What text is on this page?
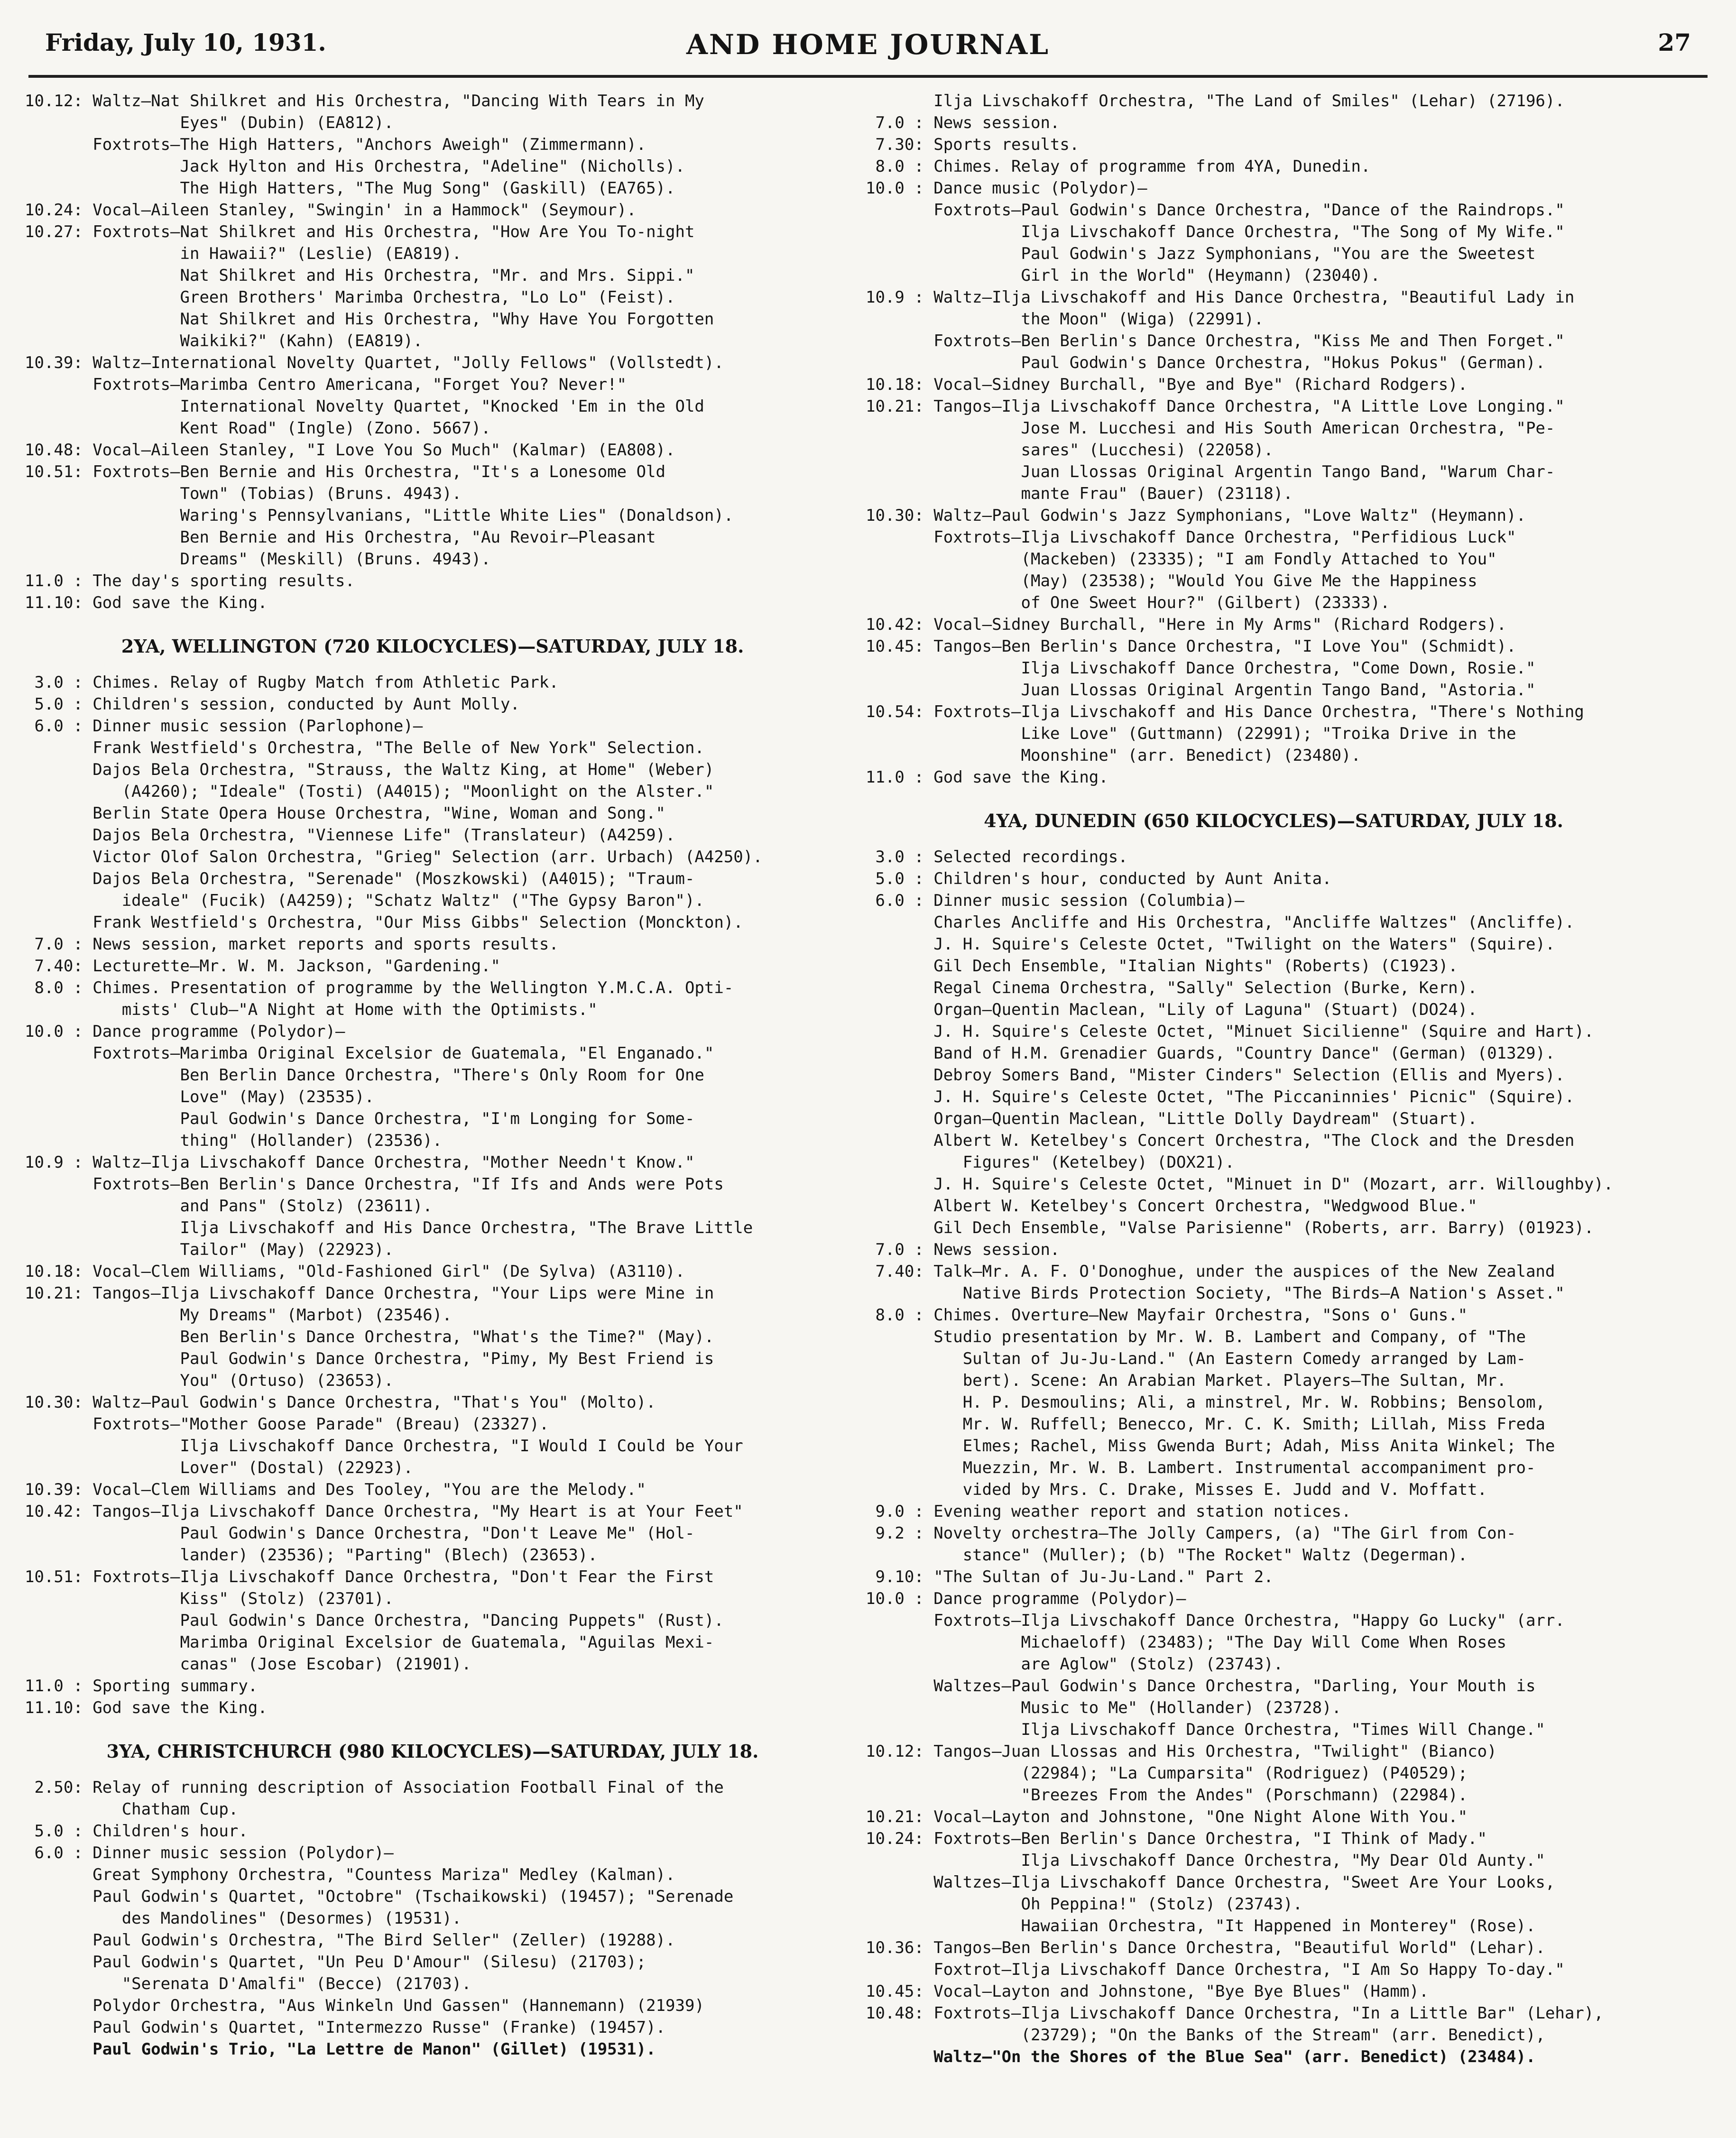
Friday, July 10, 1931.	AND HOME JOURNAL	27
10.12: Waltz—Nat Shilkret and His Orchestra, "Dancing With Tears in My
Eyes" (Dubin) (EA812).
Foxtrots—The High Hatters, "Anchors Aweigh" (Zimmermann).
Jack Hylton and His Orchestra, "Adeline" (Nicholls).
The High Hatters, "The Mug Song" (Gaskill) (EA765).
10.24: Vocal—Aileen Stanley, "Swingin' in a Hammock" (Seymour).
10.27: Foxtrots—Nat Shilkret and His Orchestra, "How Are You To-night
in Hawaii?" (Leslie) (EA819).
Nat Shilkret and His Orchestra, "Mr. and Mrs. Sippi."
Green Brothers' Marimba Orchestra, "Lo Lo" (Feist).
Nat Shilkret and His Orchestra, "Why Have You Forgotten
Waikiki?" (Kahn) (EA819).
10.39: Waltz—International Novelty Quartet, "Jolly Fellows" (Vollstedt).
Foxtrots—Marimba Centro Americana, "Forget You? Never!"
International Novelty Quartet, "Knocked 'Em in the Old
Kent Road" (Ingle) (Zono. 5667).
10.48: Vocal—Aileen Stanley, "I Love You So Much" (Kalmar) (EA808).
10.51: Foxtrots—Ben Bernie and His Orchestra, "It's a Lonesome Old
Town" (Tobias) (Bruns. 4943).
Waring's Pennsylvanians, "Little White Lies" (Donaldson).
Ben Bernie and His Orchestra, "Au Revoir—Pleasant
Dreams" (Meskill) (Bruns. 4943).
11.0 : The day's sporting results.
11.10: God save the King.
2YA, WELLINGTON (720 KILOCYCLES)—SATURDAY, JULY 18.
3.0 : Chimes. Relay of Rugby Match from Athletic Park.
5.0 : Children's session, conducted by Aunt Molly.
6.0 : Dinner music session (Parlophone)—
Frank Westfield's Orchestra, "The Belle of New York" Selection.
Dajos Bela Orchestra, "Strauss, the Waltz King, at Home" (Weber)
(A4260); "Ideale" (Tosti) (A4015); "Moonlight on the Alster."
Berlin State Opera House Orchestra, "Wine, Woman and Song."
Dajos Bela Orchestra, "Viennese Life" (Translateur) (A4259).
Victor Olof Salon Orchestra, "Grieg" Selection (arr. Urbach) (A4250).
Dajos Bela Orchestra, "Serenade" (Moszkowski) (A4015); "Traum-
ideale" (Fucik) (A4259); "Schatz Waltz" ("The Gypsy Baron").
Frank Westfield's Orchestra, "Our Miss Gibbs" Selection (Monckton).
7.0 : News session, market reports and sports results.
7.40: Lecturette—Mr. W. M. Jackson, "Gardening."
8.0 : Chimes. Presentation of programme by the Wellington Y.M.C.A. Opti-
mists' Club—"A Night at Home with the Optimists."
10.0 : Dance programme (Polydor)—
Foxtrots—Marimba Original Excelsior de Guatemala, "El Enganado."
Ben Berlin Dance Orchestra, "There's Only Room for One
Love" (May) (23535).
Paul Godwin's Dance Orchestra, "I'm Longing for Some-
thing" (Hollander) (23536).
10.9 : Waltz—Ilja Livschakoff Dance Orchestra, "Mother Needn't Know."
Foxtrots—Ben Berlin's Dance Orchestra, "If Ifs and Ands were Pots
and Pans" (Stolz) (23611).
Ilja Livschakoff and His Dance Orchestra, "The Brave Little
Tailor" (May) (22923).
10.18: Vocal—Clem Williams, "Old-Fashioned Girl" (De Sylva) (A3110).
10.21: Tangos—Ilja Livschakoff Dance Orchestra, "Your Lips were Mine in
My Dreams" (Marbot) (23546).
Ben Berlin's Dance Orchestra, "What's the Time?" (May).
Paul Godwin's Dance Orchestra, "Pimy, My Best Friend is
You" (Ortuso) (23653).
10.30: Waltz—Paul Godwin's Dance Orchestra, "That's You" (Molto).
Foxtrots—"Mother Goose Parade" (Breau) (23327).
Ilja Livschakoff Dance Orchestra, "I Would I Could be Your
Lover" (Dostal) (22923).
10.39: Vocal—Clem Williams and Des Tooley, "You are the Melody."
10.42: Tangos—Ilja Livschakoff Dance Orchestra, "My Heart is at Your Feet"
Paul Godwin's Dance Orchestra, "Don't Leave Me" (Hol-
lander) (23536); "Parting" (Blech) (23653).
10.51: Foxtrots—Ilja Livschakoff Dance Orchestra, "Don't Fear the First
Kiss" (Stolz) (23701).
Paul Godwin's Dance Orchestra, "Dancing Puppets" (Rust).
Marimba Original Excelsior de Guatemala, "Aguilas Mexi-
canas" (Jose Escobar) (21901).
11.0 : Sporting summary.
11.10: God save the King.
3YA, CHRISTCHURCH (980 KILOCYCLES)—SATURDAY, JULY 18.
2.50: Relay of running description of Association Football Final of the
Chatham Cup.
5.0 : Children's hour.
6.0 : Dinner music session (Polydor)—
Great Symphony Orchestra, "Countess Mariza" Medley (Kalman).
Paul Godwin's Quartet, "Octobre" (Tschaikowski) (19457); "Serenade
des Mandolines" (Desormes) (19531).
Paul Godwin's Orchestra, "The Bird Seller" (Zeller) (19288).
Paul Godwin's Quartet, "Un Peu D'Amour" (Silesu) (21703);
"Serenata D'Amalfi" (Becce) (21703).
Polydor Orchestra, "Aus Winkeln Und Gassen" (Hannemann) (21939)
Paul Godwin's Quartet, "Intermezzo Russe" (Franke) (19457).
Paul Godwin's Trio, "La Lettre de Manon" (Gillet) (19531).
Ilja Livschakoff Orchestra, "The Land of Smiles" (Lehar) (27196).
7.0 : News session.
7.30: Sports results.
8.0 : Chimes. Relay of programme from 4YA, Dunedin.
10.0 : Dance music (Polydor)—
Foxtrots—Paul Godwin's Dance Orchestra, "Dance of the Raindrops."
Ilja Livschakoff Dance Orchestra, "The Song of My Wife."
Paul Godwin's Jazz Symphonians, "You are the Sweetest
Girl in the World" (Heymann) (23040).
10.9 : Waltz—Ilja Livschakoff and His Dance Orchestra, "Beautiful Lady in
the Moon" (Wiga) (22991).
Foxtrots—Ben Berlin's Dance Orchestra, "Kiss Me and Then Forget."
Paul Godwin's Dance Orchestra, "Hokus Pokus" (German).
10.18: Vocal—Sidney Burchall, "Bye and Bye" (Richard Rodgers).
10.21: Tangos—Ilja Livschakoff Dance Orchestra, "A Little Love Longing."
Jose M. Lucchesi and His South American Orchestra, "Pe-
sares" (Lucchesi) (22058).
Juan Llossas Original Argentin Tango Band, "Warum Char-
mante Frau" (Bauer) (23118).
10.30: Waltz—Paul Godwin's Jazz Symphonians, "Love Waltz" (Heymann).
Foxtrots—Ilja Livschakoff Dance Orchestra, "Perfidious Luck"
(Mackeben) (23335); "I am Fondly Attached to You"
(May) (23538); "Would You Give Me the Happiness
of One Sweet Hour?" (Gilbert) (23333).
10.42: Vocal—Sidney Burchall, "Here in My Arms" (Richard Rodgers).
10.45: Tangos—Ben Berlin's Dance Orchestra, "I Love You" (Schmidt).
Ilja Livschakoff Dance Orchestra, "Come Down, Rosie."
Juan Llossas Original Argentin Tango Band, "Astoria."
10.54: Foxtrots—Ilja Livschakoff and His Dance Orchestra, "There's Nothing
Like Love" (Guttmann) (22991); "Troika Drive in the
Moonshine" (arr. Benedict) (23480).
11.0 : God save the King.
4YA, DUNEDIN (650 KILOCYCLES)—SATURDAY, JULY 18.
3.0 : Selected recordings.
5.0 : Children's hour, conducted by Aunt Anita.
6.0 : Dinner music session (Columbia)—
Charles Ancliffe and His Orchestra, "Ancliffe Waltzes" (Ancliffe).
J. H. Squire's Celeste Octet, "Twilight on the Waters" (Squire).
Gil Dech Ensemble, "Italian Nights" (Roberts) (C1923).
Regal Cinema Orchestra, "Sally" Selection (Burke, Kern).
Organ—Quentin Maclean, "Lily of Laguna" (Stuart) (DO24).
J. H. Squire's Celeste Octet, "Minuet Sicilienne" (Squire and Hart).
Band of H.M. Grenadier Guards, "Country Dance" (German) (01329).
Debroy Somers Band, "Mister Cinders" Selection (Ellis and Myers).
J. H. Squire's Celeste Octet, "The Piccaninnies' Picnic" (Squire).
Organ—Quentin Maclean, "Little Dolly Daydream" (Stuart).
Albert W. Ketelbey's Concert Orchestra, "The Clock and the Dresden
Figures" (Ketelbey) (DOX21).
J. H. Squire's Celeste Octet, "Minuet in D" (Mozart, arr. Willoughby).
Albert W. Ketelbey's Concert Orchestra, "Wedgwood Blue."
Gil Dech Ensemble, "Valse Parisienne" (Roberts, arr. Barry) (01923).
7.0 : News session.
7.40: Talk—Mr. A. F. O'Donoghue, under the auspices of the New Zealand
Native Birds Protection Society, "The Birds—A Nation's Asset."
8.0 : Chimes. Overture—New Mayfair Orchestra, "Sons o' Guns."
Studio presentation by Mr. W. B. Lambert and Company, of "The
Sultan of Ju-Ju-Land." (An Eastern Comedy arranged by Lam-
bert). Scene: An Arabian Market. Players—The Sultan, Mr.
H. P. Desmoulins; Ali, a minstrel, Mr. W. Robbins; Bensolom,
Mr. W. Ruffell; Benecco, Mr. C. K. Smith; Lillah, Miss Freda
Elmes; Rachel, Miss Gwenda Burt; Adah, Miss Anita Winkel; The
Muezzin, Mr. W. B. Lambert. Instrumental accompaniment pro-
vided by Mrs. C. Drake, Misses E. Judd and V. Moffatt.
9.0 : Evening weather report and station notices.
9.2 : Novelty orchestra—The Jolly Campers, (a) "The Girl from Con-
stance" (Muller); (b) "The Rocket" Waltz (Degerman).
9.10: "The Sultan of Ju-Ju-Land." Part 2.
10.0 : Dance programme (Polydor)—
Foxtrots—Ilja Livschakoff Dance Orchestra, "Happy Go Lucky" (arr.
Michaeloff) (23483); "The Day Will Come When Roses
are Aglow" (Stolz) (23743).
Waltzes—Paul Godwin's Dance Orchestra, "Darling, Your Mouth is
Music to Me" (Hollander) (23728).
Ilja Livschakoff Dance Orchestra, "Times Will Change."
10.12: Tangos—Juan Llossas and His Orchestra, "Twilight" (Bianco)
(22984); "La Cumparsita" (Rodriguez) (P40529);
"Breezes From the Andes" (Porschmann) (22984).
10.21: Vocal—Layton and Johnstone, "One Night Alone With You."
10.24: Foxtrots—Ben Berlin's Dance Orchestra, "I Think of Mady."
Ilja Livschakoff Dance Orchestra, "My Dear Old Aunty."
Waltzes—Ilja Livschakoff Dance Orchestra, "Sweet Are Your Looks,
Oh Peppina!" (Stolz) (23743).
Hawaiian Orchestra, "It Happened in Monterey" (Rose).
10.36: Tangos—Ben Berlin's Dance Orchestra, "Beautiful World" (Lehar).
Foxtrot—Ilja Livschakoff Dance Orchestra, "I Am So Happy To-day."
10.45: Vocal—Layton and Johnstone, "Bye Bye Blues" (Hamm).
10.48: Foxtrots—Ilja Livschakoff Dance Orchestra, "In a Little Bar" (Lehar),
(23729); "On the Banks of the Stream" (arr. Benedict),
Waltz—"On the Shores of the Blue Sea" (arr. Benedict) (23484).
